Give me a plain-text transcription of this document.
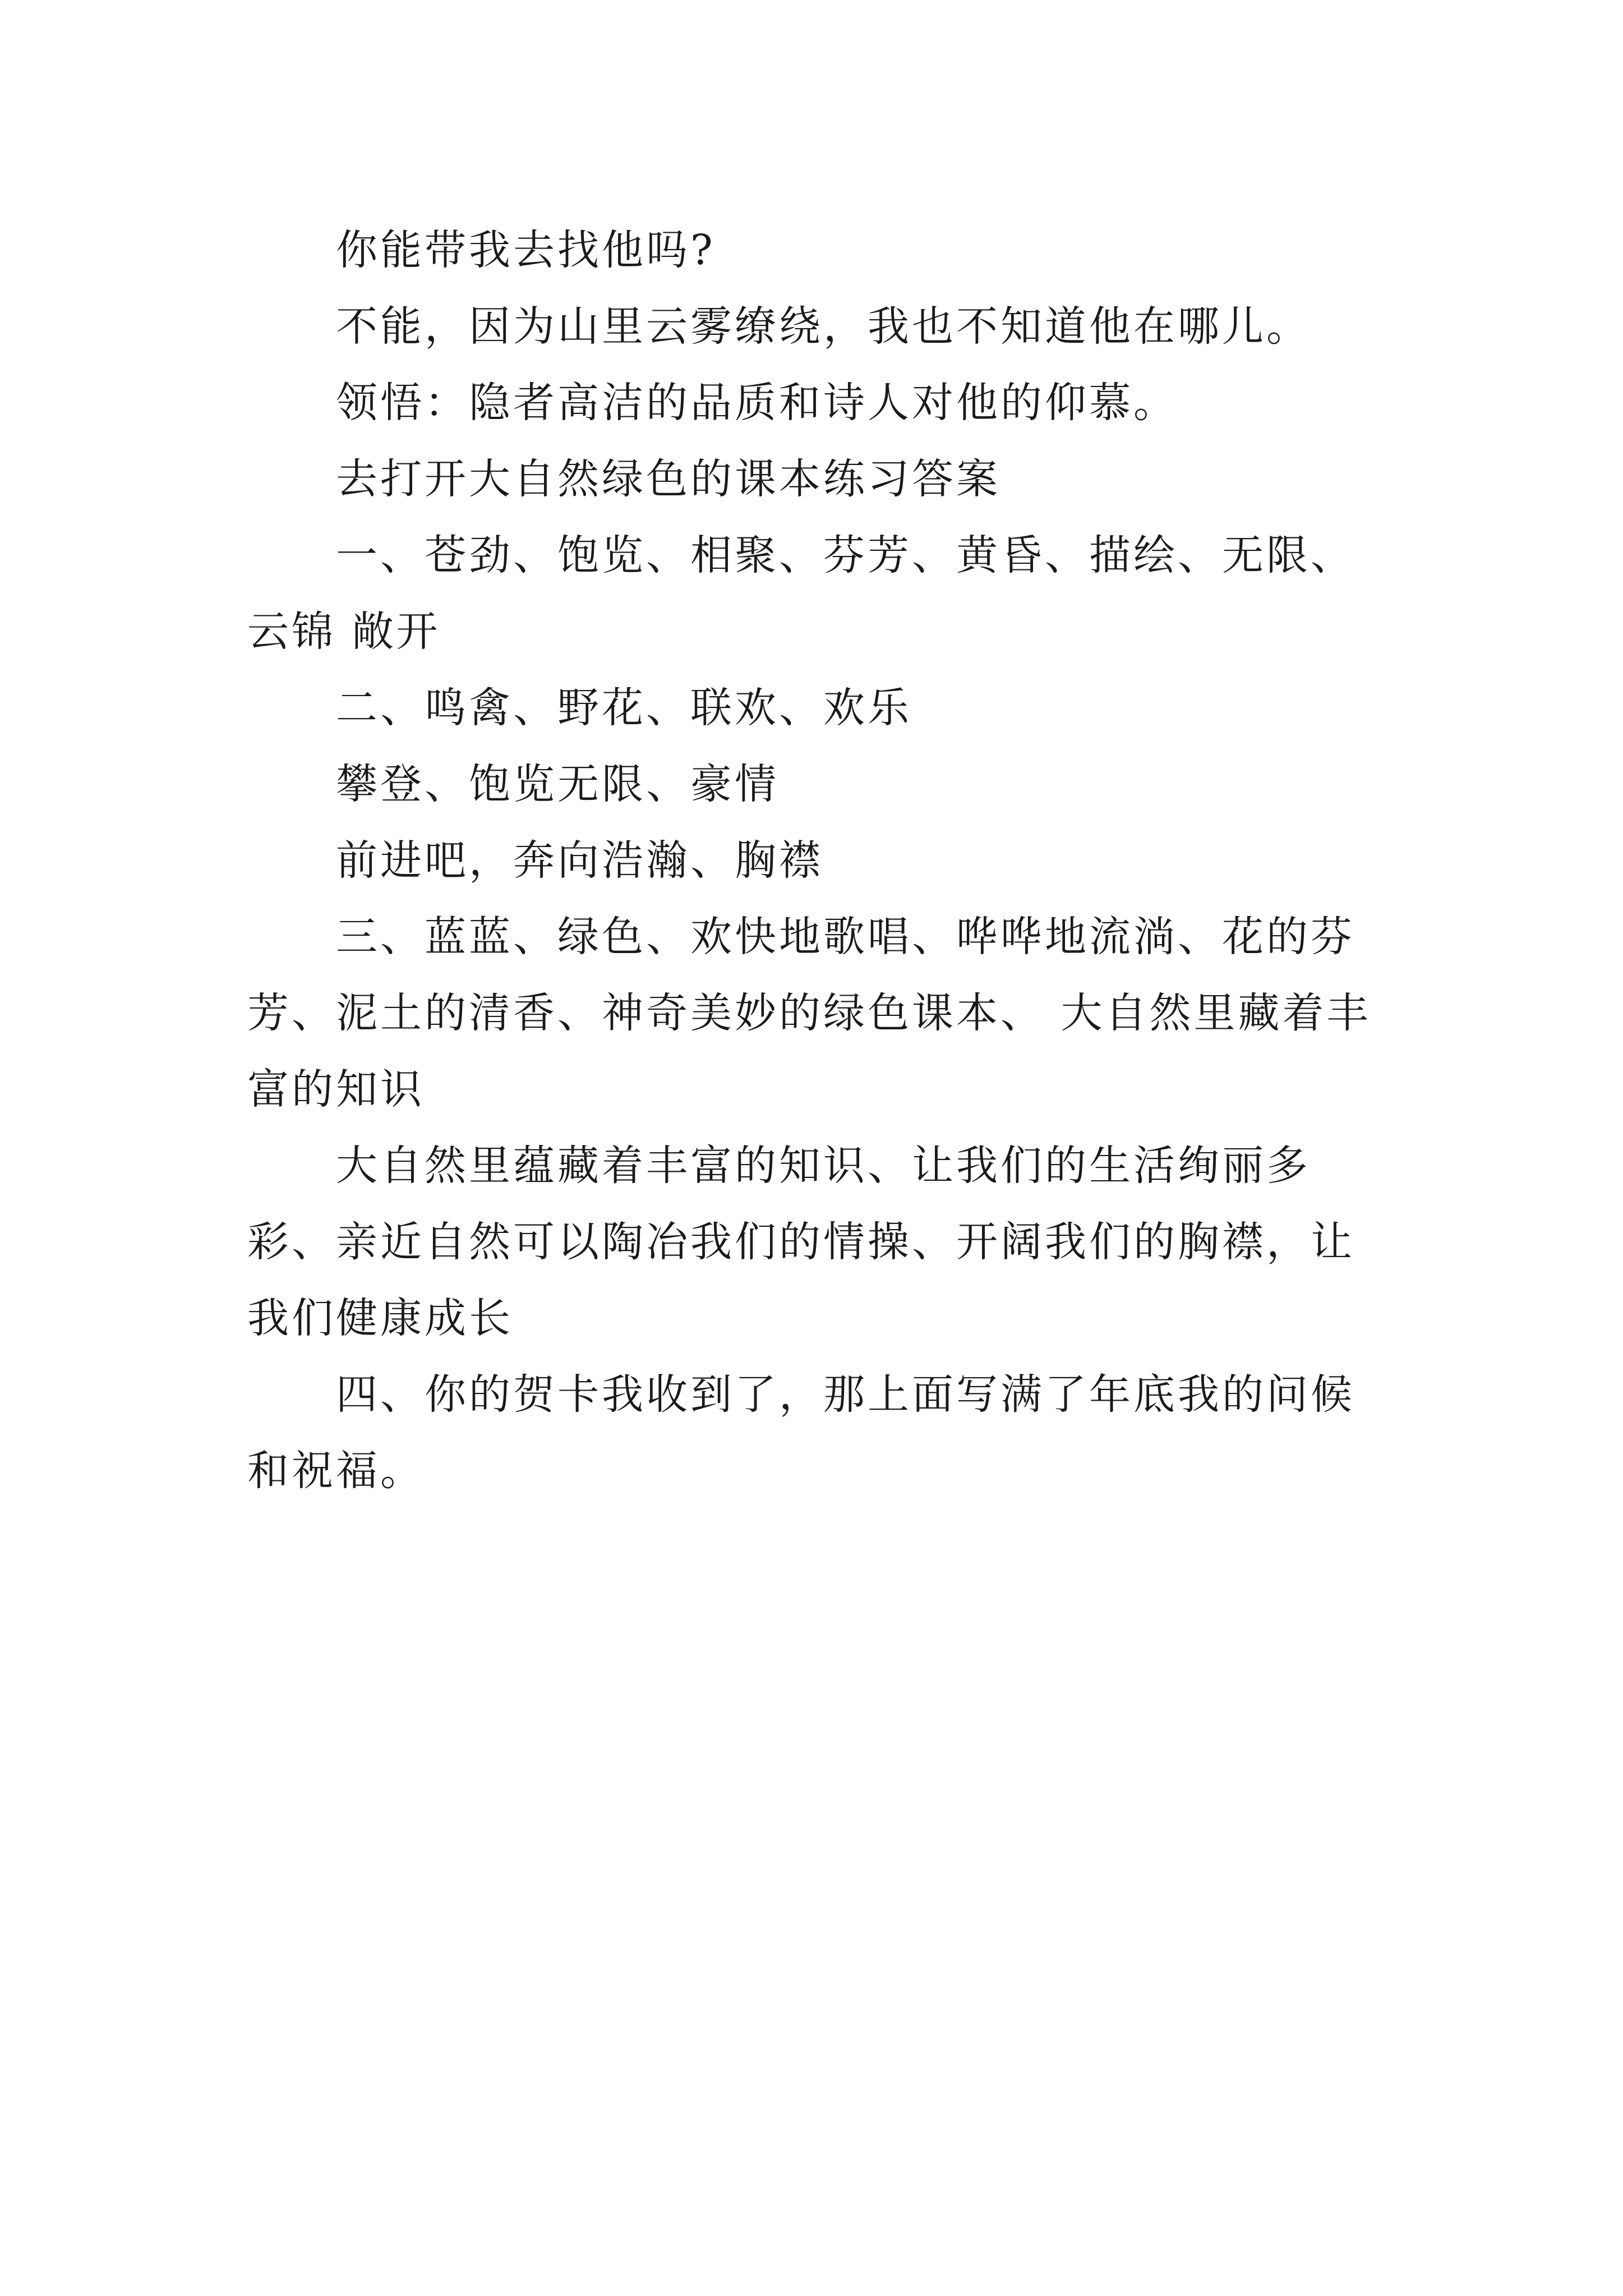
你能带我去找他吗?

不能，因为山里云雾缭绕，我也不知道他在哪儿。

领悟：隐者高洁的品质和诗人对他的仰慕。

去打开大自然绿色的课本练习答案

一、苍劲、饱览、相聚、芬芳、黄昏、描绘、无限、云锦 敞开

二、鸣禽、野花、联欢、欢乐

攀登、饱览无限、豪情

前进吧，奔向浩瀚、胸襟

三、蓝蓝、绿色、欢快地歌唱、哗哗地流淌、花的芬芳、泥土的清香、神奇美妙的绿色课本、 大自然里藏着丰富的知识

大自然里蕴藏着丰富的知识、让我们的生活绚丽多彩、亲近自然可以陶冶我们的情操、开阔我们的胸襟，让我们健康成长

四、你的贺卡我收到了，那上面写满了年底我的问候和祝福。
